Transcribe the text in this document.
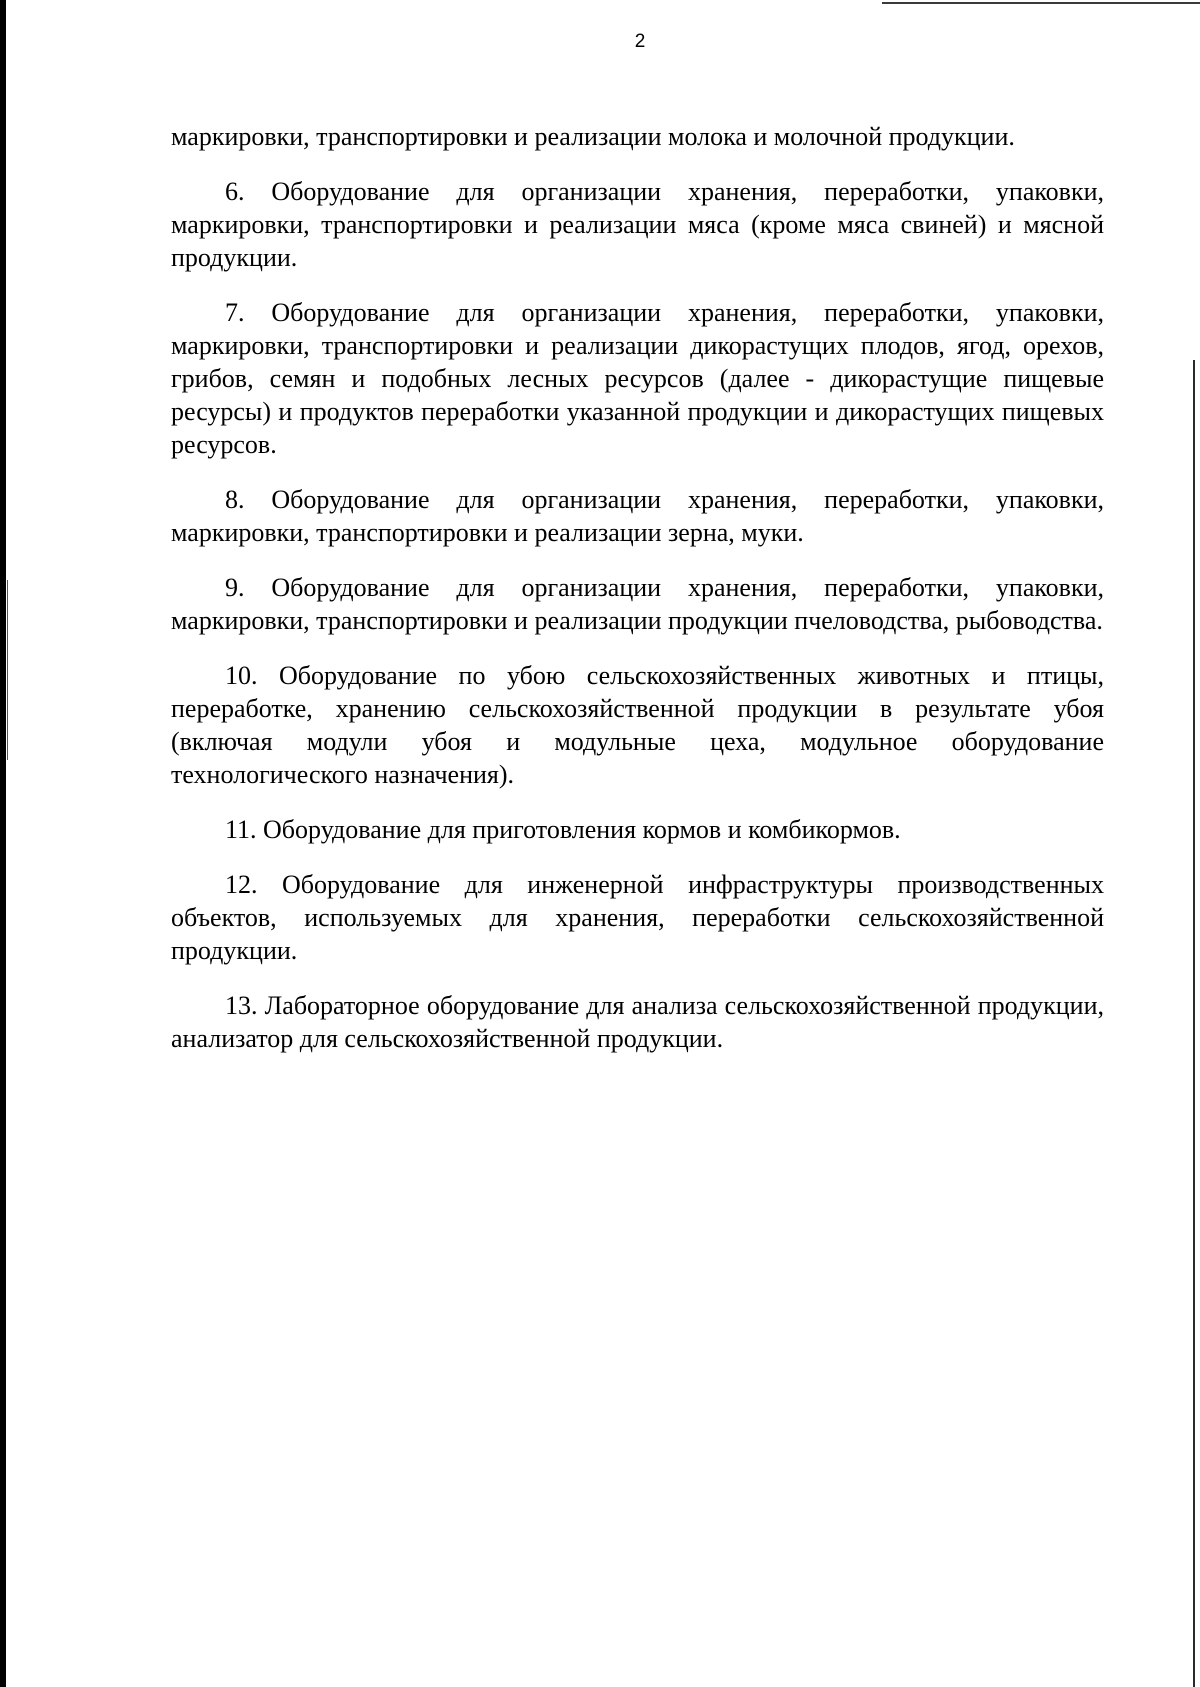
2

маркировки, транспортировки и реализации молока и молочной продукции.

6. Оборудование для организации хранения, переработки, упаковки, маркировки, транспортировки и реализации мяса (кроме мяса свиней) и мясной продукции.

7. Оборудование для организации хранения, переработки, упаковки, маркировки, транспортировки и реализации дикорастущих плодов, ягод, орехов, грибов, семян и подобных лесных ресурсов (далее - дикорастущие пищевые ресурсы) и продуктов переработки указанной продукции и дикорастущих пищевых ресурсов.

8. Оборудование для организации хранения, переработки, упаковки, маркировки, транспортировки и реализации зерна, муки.

9. Оборудование для организации хранения, переработки, упаковки, маркировки, транспортировки и реализации продукции пчеловодства, рыбоводства.

10. Оборудование по убою сельскохозяйственных животных и птицы, переработке, хранению сельскохозяйственной продукции в результате убоя (включая модули убоя и модульные цеха, модульное оборудование технологического назначения).

11. Оборудование для приготовления кормов и комбикормов.

12. Оборудование для инженерной инфраструктуры производственных объектов, используемых для хранения, переработки сельскохозяйственной продукции.

13. Лабораторное оборудование для анализа сельскохозяйственной продукции, анализатор для сельскохозяйственной продукции.
